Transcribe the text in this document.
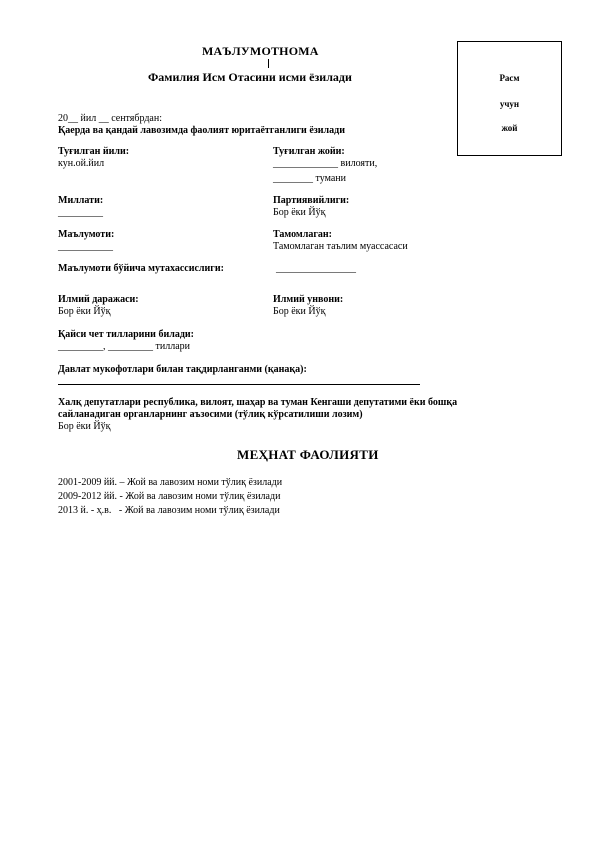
МАЪЛУМОТНОМА
Фамилия Исм Отасини исми ёзилади	Расм
учун
жой
20__ йил __ сентябрдан:
Қаерда ва қандай лавозимда фаолият юритаётганлиги ёзилади
Туғилган йили:
кун.ой.йил
Туғилган жойи:
_____________ вилояти,
________ тумани
Миллати:
_________
Партиявийлиги:
Бор ёки Йўқ
Маълумоти:
___________
Тамомлаган:
Тамомлаган таълим муассасаси
Маълумоти бўйича мутахассислиги:	________________
Илмий даражаси:
Бор ёки Йўқ
Илмий унвони:
Бор ёки Йўқ
Қайси чет тилларини билади:
_________, _________ тиллари
Давлат мукофотлари билан тақдирланганми (қанақа):
Халқ депутатлари республика, вилоят, шаҳар ва туман Кенгаши депутатими ёки бошқа
сайланадиган органларнинг аъзосими (тўлиқ кўрсатилиши лозим)
Бор ёки Йўқ
МЕҲНАТ ФАОЛИЯТИ
2001-2009 йй. – Жой ва лавозим номи тўлиқ ёзилади
2009-2012 йй. - Жой ва лавозим номи тўлиқ ёзилади
2013 й. - ҳ.в.   - Жой ва лавозим номи тўлиқ ёзилади
